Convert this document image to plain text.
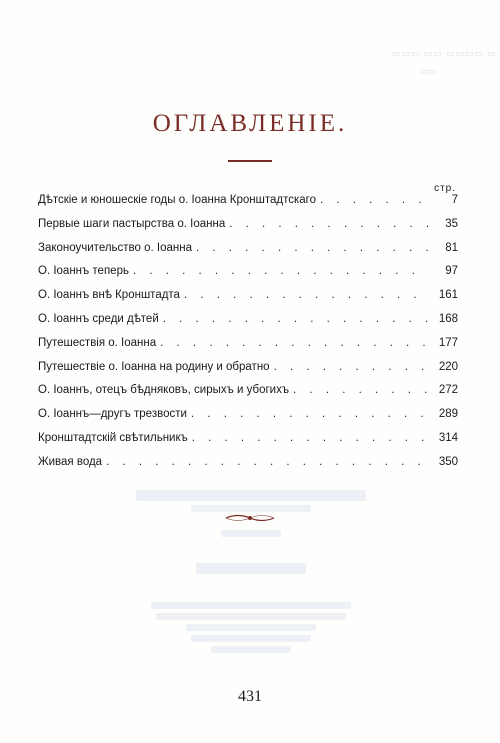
▭▭▭ ▭▭ ▭▭▭▭ ▭
▭▭
ОГЛАВЛЕНІЕ.
стр.
Дѣтскіе и юношескіе годы о. Іоанна Кронштадтскаго . . .	7
Первые шаги пастырства о. Іоанна . . .	35
Законоучительство о. Іоанна . . .	81
О. Іоаннъ теперь . . .	97
О. Іоаннъ внѣ Кронштадта . . .	161
О. Іоаннъ среди дѣтей . . .	168
Путешествія о. Іоанна . . .	177
Путешествіе о. Іоанна на родину и обратно . . .	220
О. Іоаннъ, отецъ бѣдняковъ, сирыхъ и убогихъ . . .	272
О. Іоаннъ—другъ трезвости . . .	289
Кронштадтскій свѣтильникъ . . .	314
Живая вода . . .	350
431
